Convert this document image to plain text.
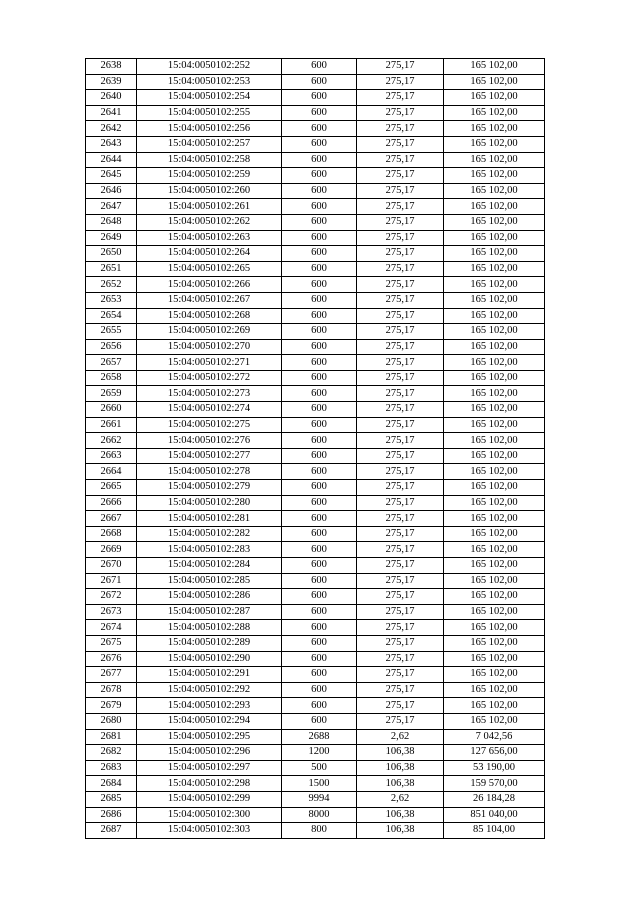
2638	15:04:0050102:252	600	275,17	165 102,00
2639	15:04:0050102:253	600	275,17	165 102,00
2640	15:04:0050102:254	600	275,17	165 102,00
2641	15:04:0050102:255	600	275,17	165 102,00
2642	15:04:0050102:256	600	275,17	165 102,00
2643	15:04:0050102:257	600	275,17	165 102,00
2644	15:04:0050102:258	600	275,17	165 102,00
2645	15:04:0050102:259	600	275,17	165 102,00
2646	15:04:0050102:260	600	275,17	165 102,00
2647	15:04:0050102:261	600	275,17	165 102,00
2648	15:04:0050102:262	600	275,17	165 102,00
2649	15:04:0050102:263	600	275,17	165 102,00
2650	15:04:0050102:264	600	275,17	165 102,00
2651	15:04:0050102:265	600	275,17	165 102,00
2652	15:04:0050102:266	600	275,17	165 102,00
2653	15:04:0050102:267	600	275,17	165 102,00
2654	15:04:0050102:268	600	275,17	165 102,00
2655	15:04:0050102:269	600	275,17	165 102,00
2656	15:04:0050102:270	600	275,17	165 102,00
2657	15:04:0050102:271	600	275,17	165 102,00
2658	15:04:0050102:272	600	275,17	165 102,00
2659	15:04:0050102:273	600	275,17	165 102,00
2660	15:04:0050102:274	600	275,17	165 102,00
2661	15:04:0050102:275	600	275,17	165 102,00
2662	15:04:0050102:276	600	275,17	165 102,00
2663	15:04:0050102:277	600	275,17	165 102,00
2664	15:04:0050102:278	600	275,17	165 102,00
2665	15:04:0050102:279	600	275,17	165 102,00
2666	15:04:0050102:280	600	275,17	165 102,00
2667	15:04:0050102:281	600	275,17	165 102,00
2668	15:04:0050102:282	600	275,17	165 102,00
2669	15:04:0050102:283	600	275,17	165 102,00
2670	15:04:0050102:284	600	275,17	165 102,00
2671	15:04:0050102:285	600	275,17	165 102,00
2672	15:04:0050102:286	600	275,17	165 102,00
2673	15:04:0050102:287	600	275,17	165 102,00
2674	15:04:0050102:288	600	275,17	165 102,00
2675	15:04:0050102:289	600	275,17	165 102,00
2676	15:04:0050102:290	600	275,17	165 102,00
2677	15:04:0050102:291	600	275,17	165 102,00
2678	15:04:0050102:292	600	275,17	165 102,00
2679	15:04:0050102:293	600	275,17	165 102,00
2680	15:04:0050102:294	600	275,17	165 102,00
2681	15:04:0050102:295	2688	2,62	7 042,56
2682	15:04:0050102:296	1200	106,38	127 656,00
2683	15:04:0050102:297	500	106,38	53 190,00
2684	15:04:0050102:298	1500	106,38	159 570,00
2685	15:04:0050102:299	9994	2,62	26 184,28
2686	15:04:0050102:300	8000	106,38	851 040,00
2687	15:04:0050102:303	800	106,38	85 104,00
